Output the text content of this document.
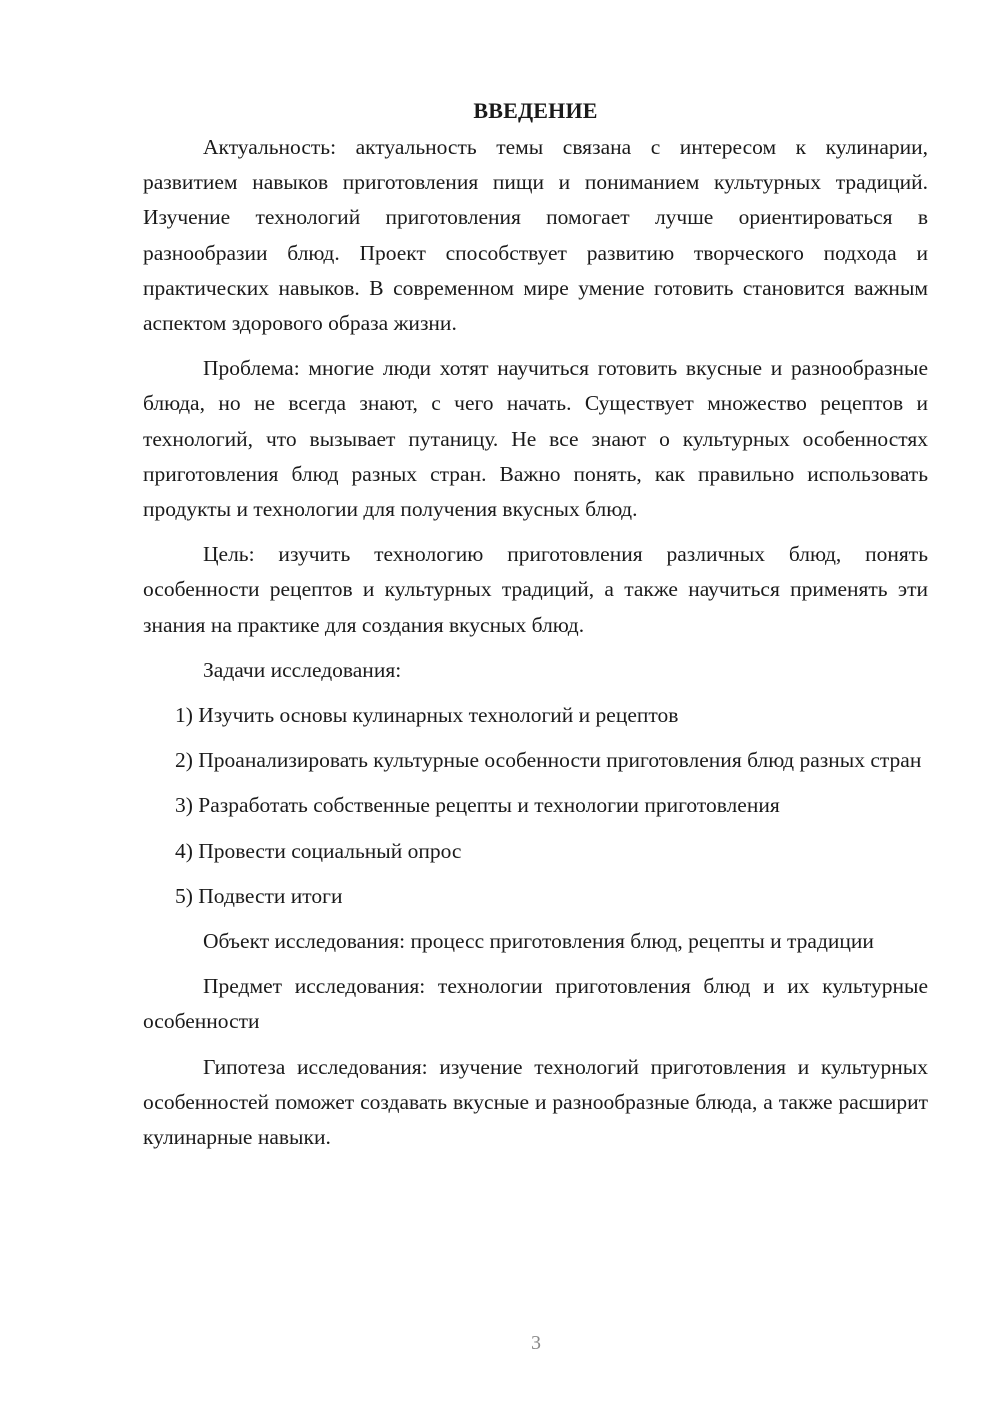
ВВЕДЕНИЕ

Актуальность: актуальность темы связана с интересом к кулинарии, развитием навыков приготовления пищи и пониманием культурных традиций. Изучение технологий приготовления помогает лучше ориентироваться в разнообразии блюд. Проект способствует развитию творческого подхода и практических навыков. В современном мире умение готовить становится важным аспектом здорового образа жизни.

Проблема: многие люди хотят научиться готовить вкусные и разнообразные блюда, но не всегда знают, с чего начать. Существует множество рецептов и технологий, что вызывает путаницу. Не все знают о культурных особенностях приготовления блюд разных стран. Важно понять, как правильно использовать продукты и технологии для получения вкусных блюд.

Цель: изучить технологию приготовления различных блюд, понять особенности рецептов и культурных традиций, а также научиться применять эти знания на практике для создания вкусных блюд.

Задачи исследования:

1) Изучить основы кулинарных технологий и рецептов

2) Проанализировать культурные особенности приготовления блюд разных стран

3) Разработать собственные рецепты и технологии приготовления

4) Провести социальный опрос

5) Подвести итоги

Объект исследования: процесс приготовления блюд, рецепты и традиции

Предмет исследования: технологии приготовления блюд и их культурные особенности

Гипотеза исследования: изучение технологий приготовления и культурных особенностей поможет создавать вкусные и разнообразные блюда, а также расширит кулинарные навыки.

3
